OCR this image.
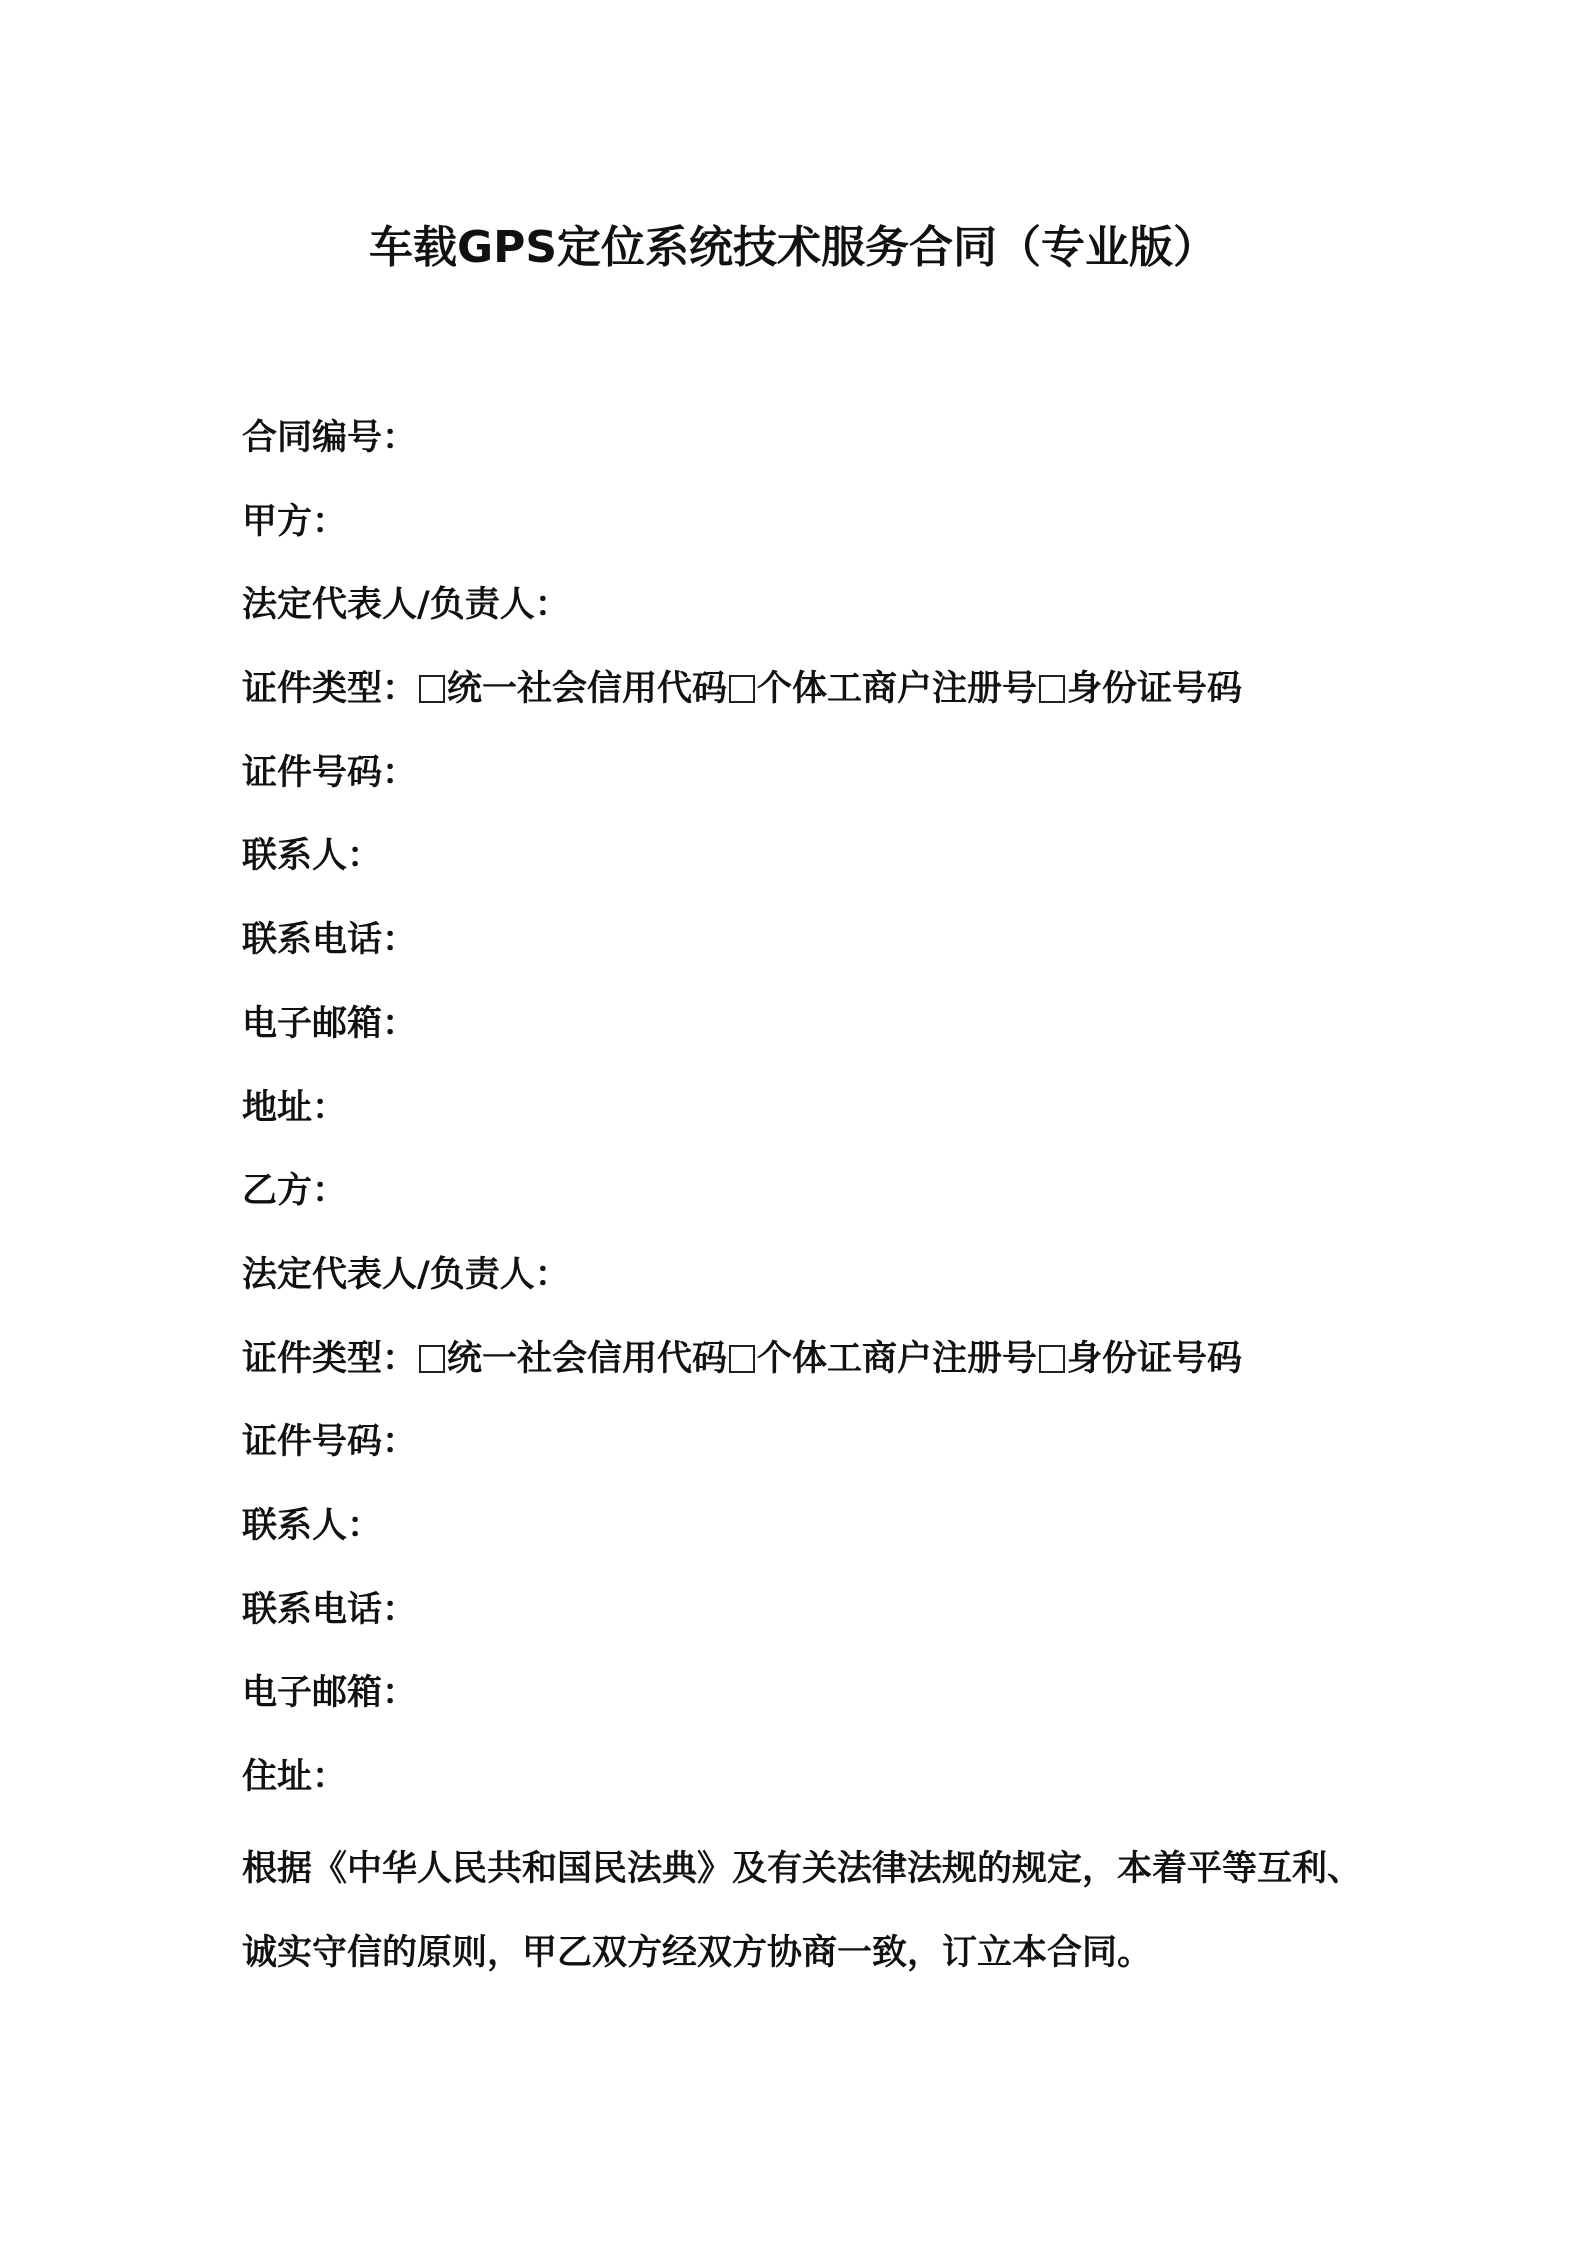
车载GPS定位系统技术服务合同（专业版）
合同编号：
甲方：
法定代表人/负责人：
证件类型： 统一社会信用代码 个体工商户注册号 身份证号码
证件号码：
联系人：
联系电话：
电子邮箱：
地址：
乙方：
法定代表人/负责人：
证件类型： 统一社会信用代码 个体工商户注册号 身份证号码
证件号码：
联系人：
联系电话：
电子邮箱：
住址：

根据《中华人民共和国民法典》及有关法律法规的规定，本着平等互利、诚实守信的原则，甲乙双方经双方协商一致，订立本合同。
